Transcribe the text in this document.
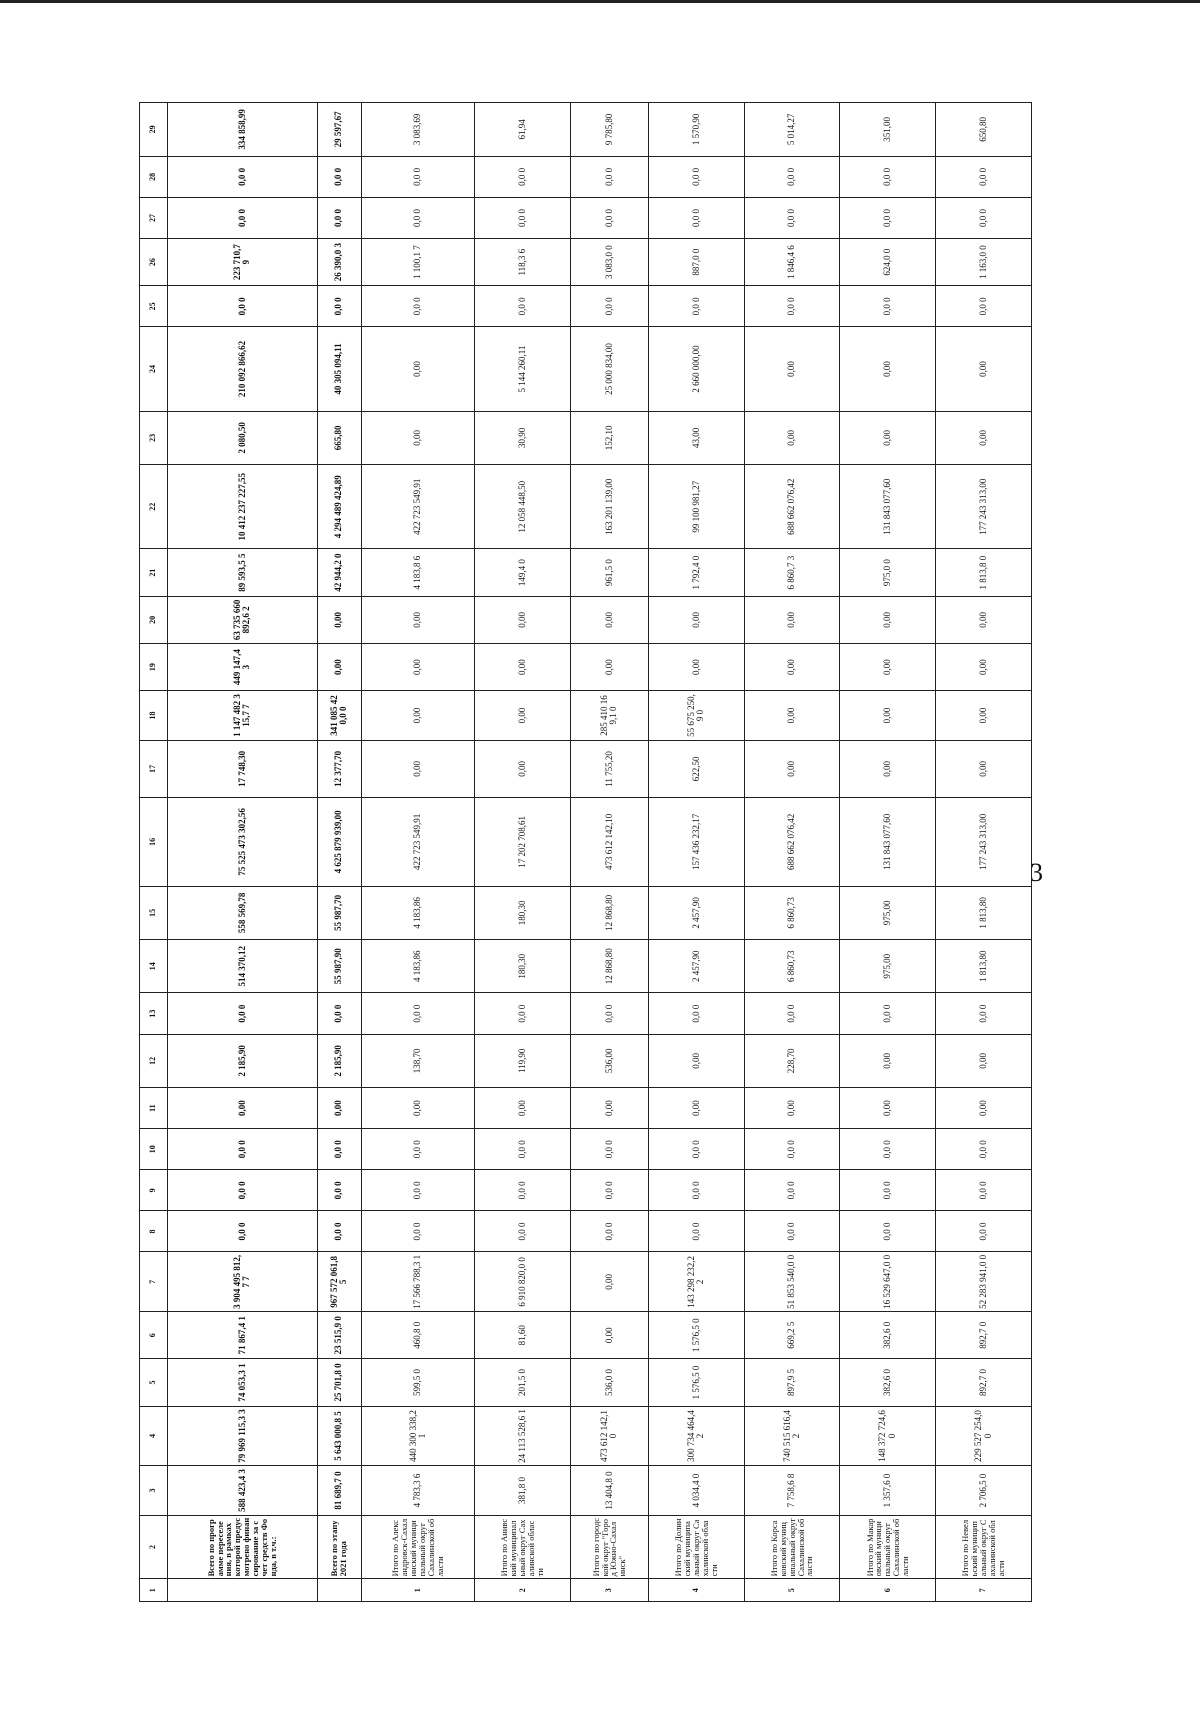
3
1	2	3	4	5	6	7	8	9	10	11	12	13	14	15	16	17	18	19	20	21	22	23	24	25	26	27	28	29
	Всего по программе переселения, в рамках которой предусмотрено финансирование за счет средств Фонда, в т.ч.:	588 423,4 3	79 969 115,3 3	74 053,3 1	71 867,4 1	3 904 495 812,7 7	0,0 0	0,0 0	0,0 0	0,00	2 185,90	0,0 0	514 370,12	558 569,78	75 525 473 302,56	17 748,30	1 147 482 315,7 7	449 147,4 3	63 735 660 892,6 2	89 593,5 5	10 412 237 227,55	2 080,50	210 092 866,62	0,0 0	223 710,7 9	0,0 0	0,0 0	334 858,99
	Всего по этапу 2021 года	81 689,7 0	5 643 000,8 5	25 701,8 0	23 515,9 0	967 572 061,8 5	0,0 0	0,0 0	0,0 0	0,00	2 185,90	0,0 0	55 987,90	55 987,70	4 625 879 939,00	12 377,70	341 085 420,0 0	0,00	0,00	42 944,2 0	4 294 489 424,89	665,80	40 305 094,11	0,0 0	26 390,0 3	0,0 0	0,0 0	29 597,67
1	Итого по Александровск-Сахалинский муниципальный округ Сахалинской области	4 783,3 6	440 300 338,2 1	599,5 0	460,8 0	17 566 788,3 1	0,0 0	0,0 0	0,0 0	0,00	138,70	0,0 0	4 183,86	4 183,86	422 723 549,91	0,00	0,00	0,00	0,00	4 183,8 6	422 723 549,91	0,00	0,00	0,0 0	1 100,1 7	0,0 0	0,0 0	3 083,69
2	Итого по Анивский муниципальный округ Сахалинской области	381,8 0	24 113 528,6 1	201,5 0	81,60	6 910 820,0 0	0,0 0	0,0 0	0,0 0	0,00	119,90	0,0 0	180,30	180,30	17 202 708,61	0,00	0,00	0,00	0,00	149,4 0	12 058 448,50	30,90	5 144 260,11	0,0 0	118,3 6	0,0 0	0,0 0	61,94
3	Итого по городской округ "Город Южно-Сахалинск"	13 404,8 0	473 612 142,1 0	536,0 0	0,00	0,00	0,0 0	0,0 0	0,0 0	0,00	536,00	0,0 0	12 868,80	12 868,80	473 612 142,10	11 755,20	285 410 169,1 0	0,00	0,00	961,5 0	163 201 139,00	152,10	25 000 834,00	0,0 0	3 083,0 0	0,0 0	0,0 0	9 785,80
4	Итого по Долинский муниципальный округ Сахалинской области	4 034,4 0	300 734 464,4 2	1 576,5 0	1 576,5 0	143 298 232,2 2	0,0 0	0,0 0	0,0 0	0,00	0,00	0,0 0	2 457,90	2 457,90	157 436 232,17	622,50	55 675 250,9 0	0,00	0,00	1 792,4 0	99 100 981,27	43,00	2 660 000,00	0,0 0	887,0 0	0,0 0	0,0 0	1 570,90
5	Итого по Корсаковский муниципальный округ Сахалинской области	7 758,6 8	740 515 616,4 2	897,9 5	669,2 5	51 853 540,0 0	0,0 0	0,0 0	0,0 0	0,00	228,70	0,0 0	6 860,73	6 860,73	688 662 076,42	0,00	0,00	0,00	0,00	6 860,7 3	688 662 076,42	0,00	0,00	0,0 0	1 846,4 6	0,0 0	0,0 0	5 014,27
6	Итого по Макаровский муниципальный округ Сахалинской области	1 357,6 0	148 372 724,6 0	382,6 0	382,6 0	16 529 647,0 0	0,0 0	0,0 0	0,0 0	0,00	0,00	0,0 0	975,00	975,00	131 843 077,60	0,00	0,00	0,00	0,00	975,0 0	131 843 077,60	0,00	0,00	0,0 0	624,0 0	0,0 0	0,0 0	351,00
7	Итого по Невельский муниципальный округ Сахалинской области	2 706,5 0	229 527 254,0 0	892,7 0	892,7 0	52 283 941,0 0	0,0 0	0,0 0	0,0 0	0,00	0,00	0,0 0	1 813,80	1 813,80	177 243 313,00	0,00	0,00	0,00	0,00	1 813,8 0	177 243 313,00	0,00	0,00	0,0 0	1 163,0 0	0,0 0	0,0 0	650,80
